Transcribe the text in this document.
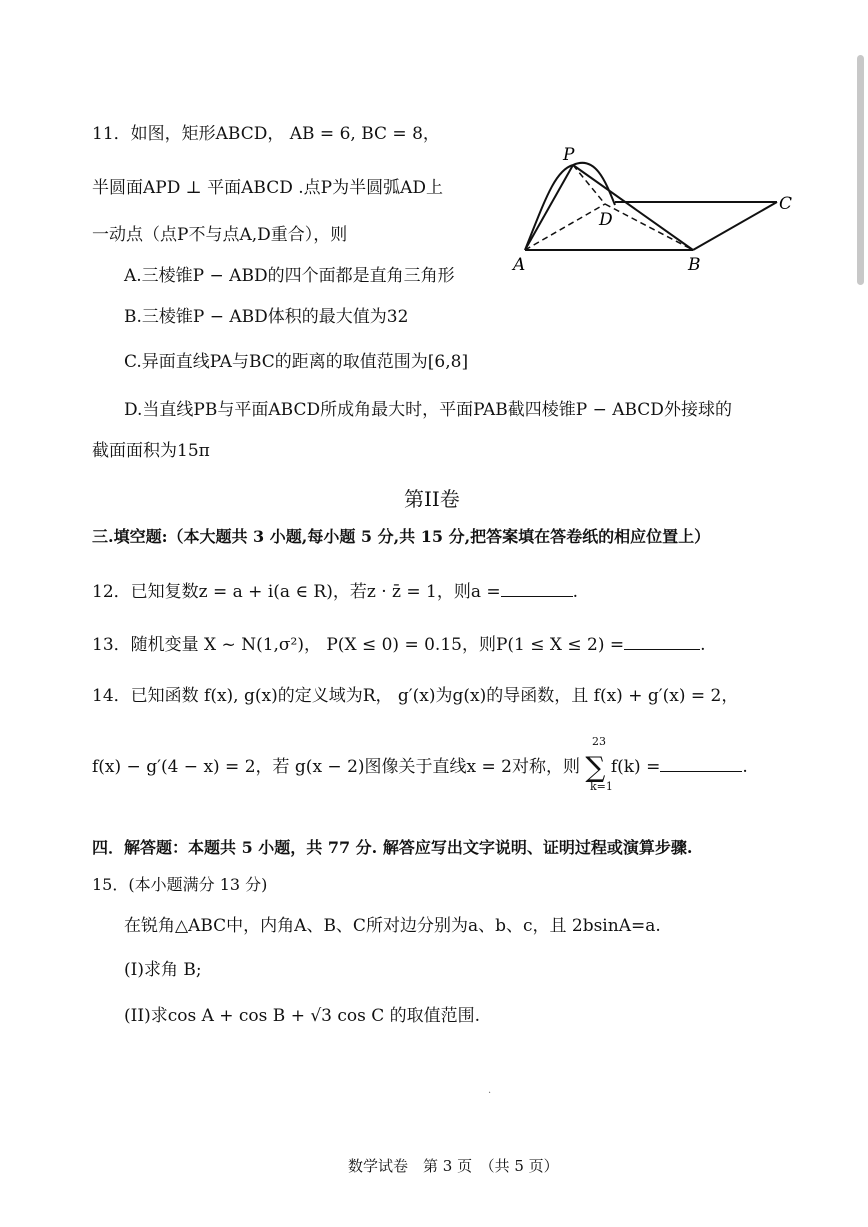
11．如图，矩形ABCD， AB = 6, BC = 8，
半圆面APD ⊥ 平面ABCD .点P为半圆弧AD上
一动点（点P不与点A,D重合），则
A.三棱锥P − ABD的四个面都是直角三角形
B.三棱锥P − ABD体积的最大值为32
C.异面直线PA与BC的距离的取值范围为[6,8]
D.当直线PB与平面ABCD所成角最大时，平面PAB截四棱锥P − ABCD外接球的
截面面积为15π
P
D
C
A	B
第II卷
三.填空题:（本大题共 3 小题,每小题 5 分,共 15 分,把答案填在答卷纸的相应位置上）
12．已知复数z = a + i(a ∈ R)，若z · z̄ = 1，则a =	.
13．随机变量 X ~ N(1,σ²)， P(X ≤ 0) = 0.15，则P(1 ≤ X ≤ 2) =	.
14．已知函数 f(x), g(x)的定义域为R， g′(x)为g(x)的导函数，且 f(x) + g′(x) = 2，
f(x) − g′(4 − x) = 2，若 g(x − 2)图像关于直线x = 2对称，则 ∑ f(k) =	.
23
k=1
四．解答题：本题共 5 小题，共 77 分. 解答应写出文字说明、证明过程或演算步骤.
15．(本小题满分 13 分)
在锐角△ABC中，内角A、B、C所对边分别为a、b、c，且 2bsinA=a.
(I)求角 B;
(II)求cos A + cos B + √3 cos C 的取值范围.
·
数学试卷　第 3 页　（共 5 页）
